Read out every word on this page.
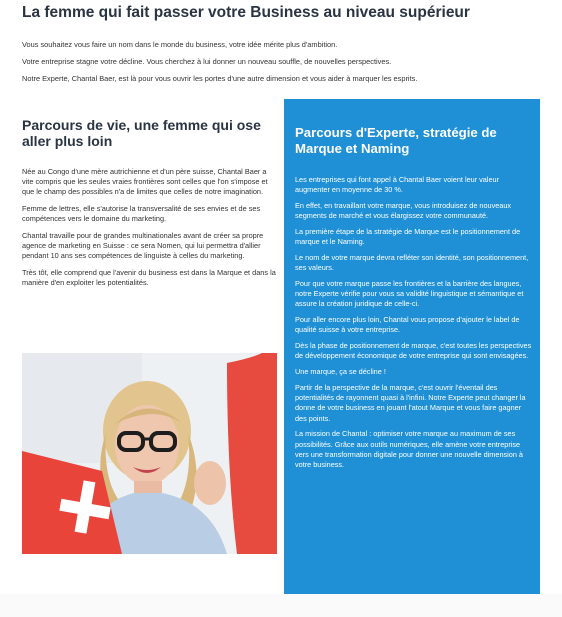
La femme qui fait passer votre Business au niveau supérieur

Vous souhaitez vous faire un nom dans le monde du business, votre idée mérite plus d'ambition.

Votre entreprise stagne votre décline. Vous cherchez à lui donner un nouveau souffle, de nouvelles perspectives.

Notre Experte, Chantal Baer, est là pour vous ouvrir les portes d'une autre dimension et vous aider à marquer les esprits.

Parcours de vie, une femme qui ose aller plus loin

Née au Congo d'une mère autrichienne et d'un père suisse, Chantal Baer a vite compris que les seules vraies frontières sont celles que l'on s'impose et que le champ des possibles n'a de limites que celles de notre imagination.

Femme de lettres, elle s'autorise la transversalité de ses envies et de ses compétences vers le domaine du marketing.

Chantal travaille pour de grandes multinationales avant de créer sa propre agence de marketing en Suisse : ce sera Nomen, qui lui permettra d'allier pendant 10 ans ses compétences de linguiste à celles du marketing.

Très tôt, elle comprend que l'avenir du business est dans la Marque et dans la manière d'en exploiter les potentialités.

Parcours d'Experte, stratégie de Marque et Naming

Les entreprises qui font appel à Chantal Baer voient leur valeur augmenter en moyenne de 30 %.

En effet, en travaillant votre marque, vous introduisez de nouveaux segments de marché et vous élargissez votre communauté.

La première étape de la stratégie de Marque est le positionnement de marque et le Naming.

Le nom de votre marque devra refléter son identité, son positionnement, ses valeurs.

Pour que votre marque passe les frontières et la barrière des langues, notre Experte vérifie pour vous sa validité linguistique et sémantique et assure la création juridique de celle-ci.

Pour aller encore plus loin, Chantal vous propose d'ajouter le label de qualité suisse à votre entreprise.

Dès la phase de positionnement de marque, c'est toutes les perspectives de développement économique de votre entreprise qui sont envisagées.

Une marque, ça se décline !

Partir de la perspective de la marque, c'est ouvrir l'éventail des potentialités de rayonnent quasi à l'infini. Notre Experte peut changer la donne de votre business en jouant l'atout Marque et vous faire gagner des points.

La mission de Chantal : optimiser votre marque au maximum de ses possibilités. Grâce aux outils numériques, elle amène votre entreprise vers une transformation digitale pour donner une nouvelle dimension à votre business.
